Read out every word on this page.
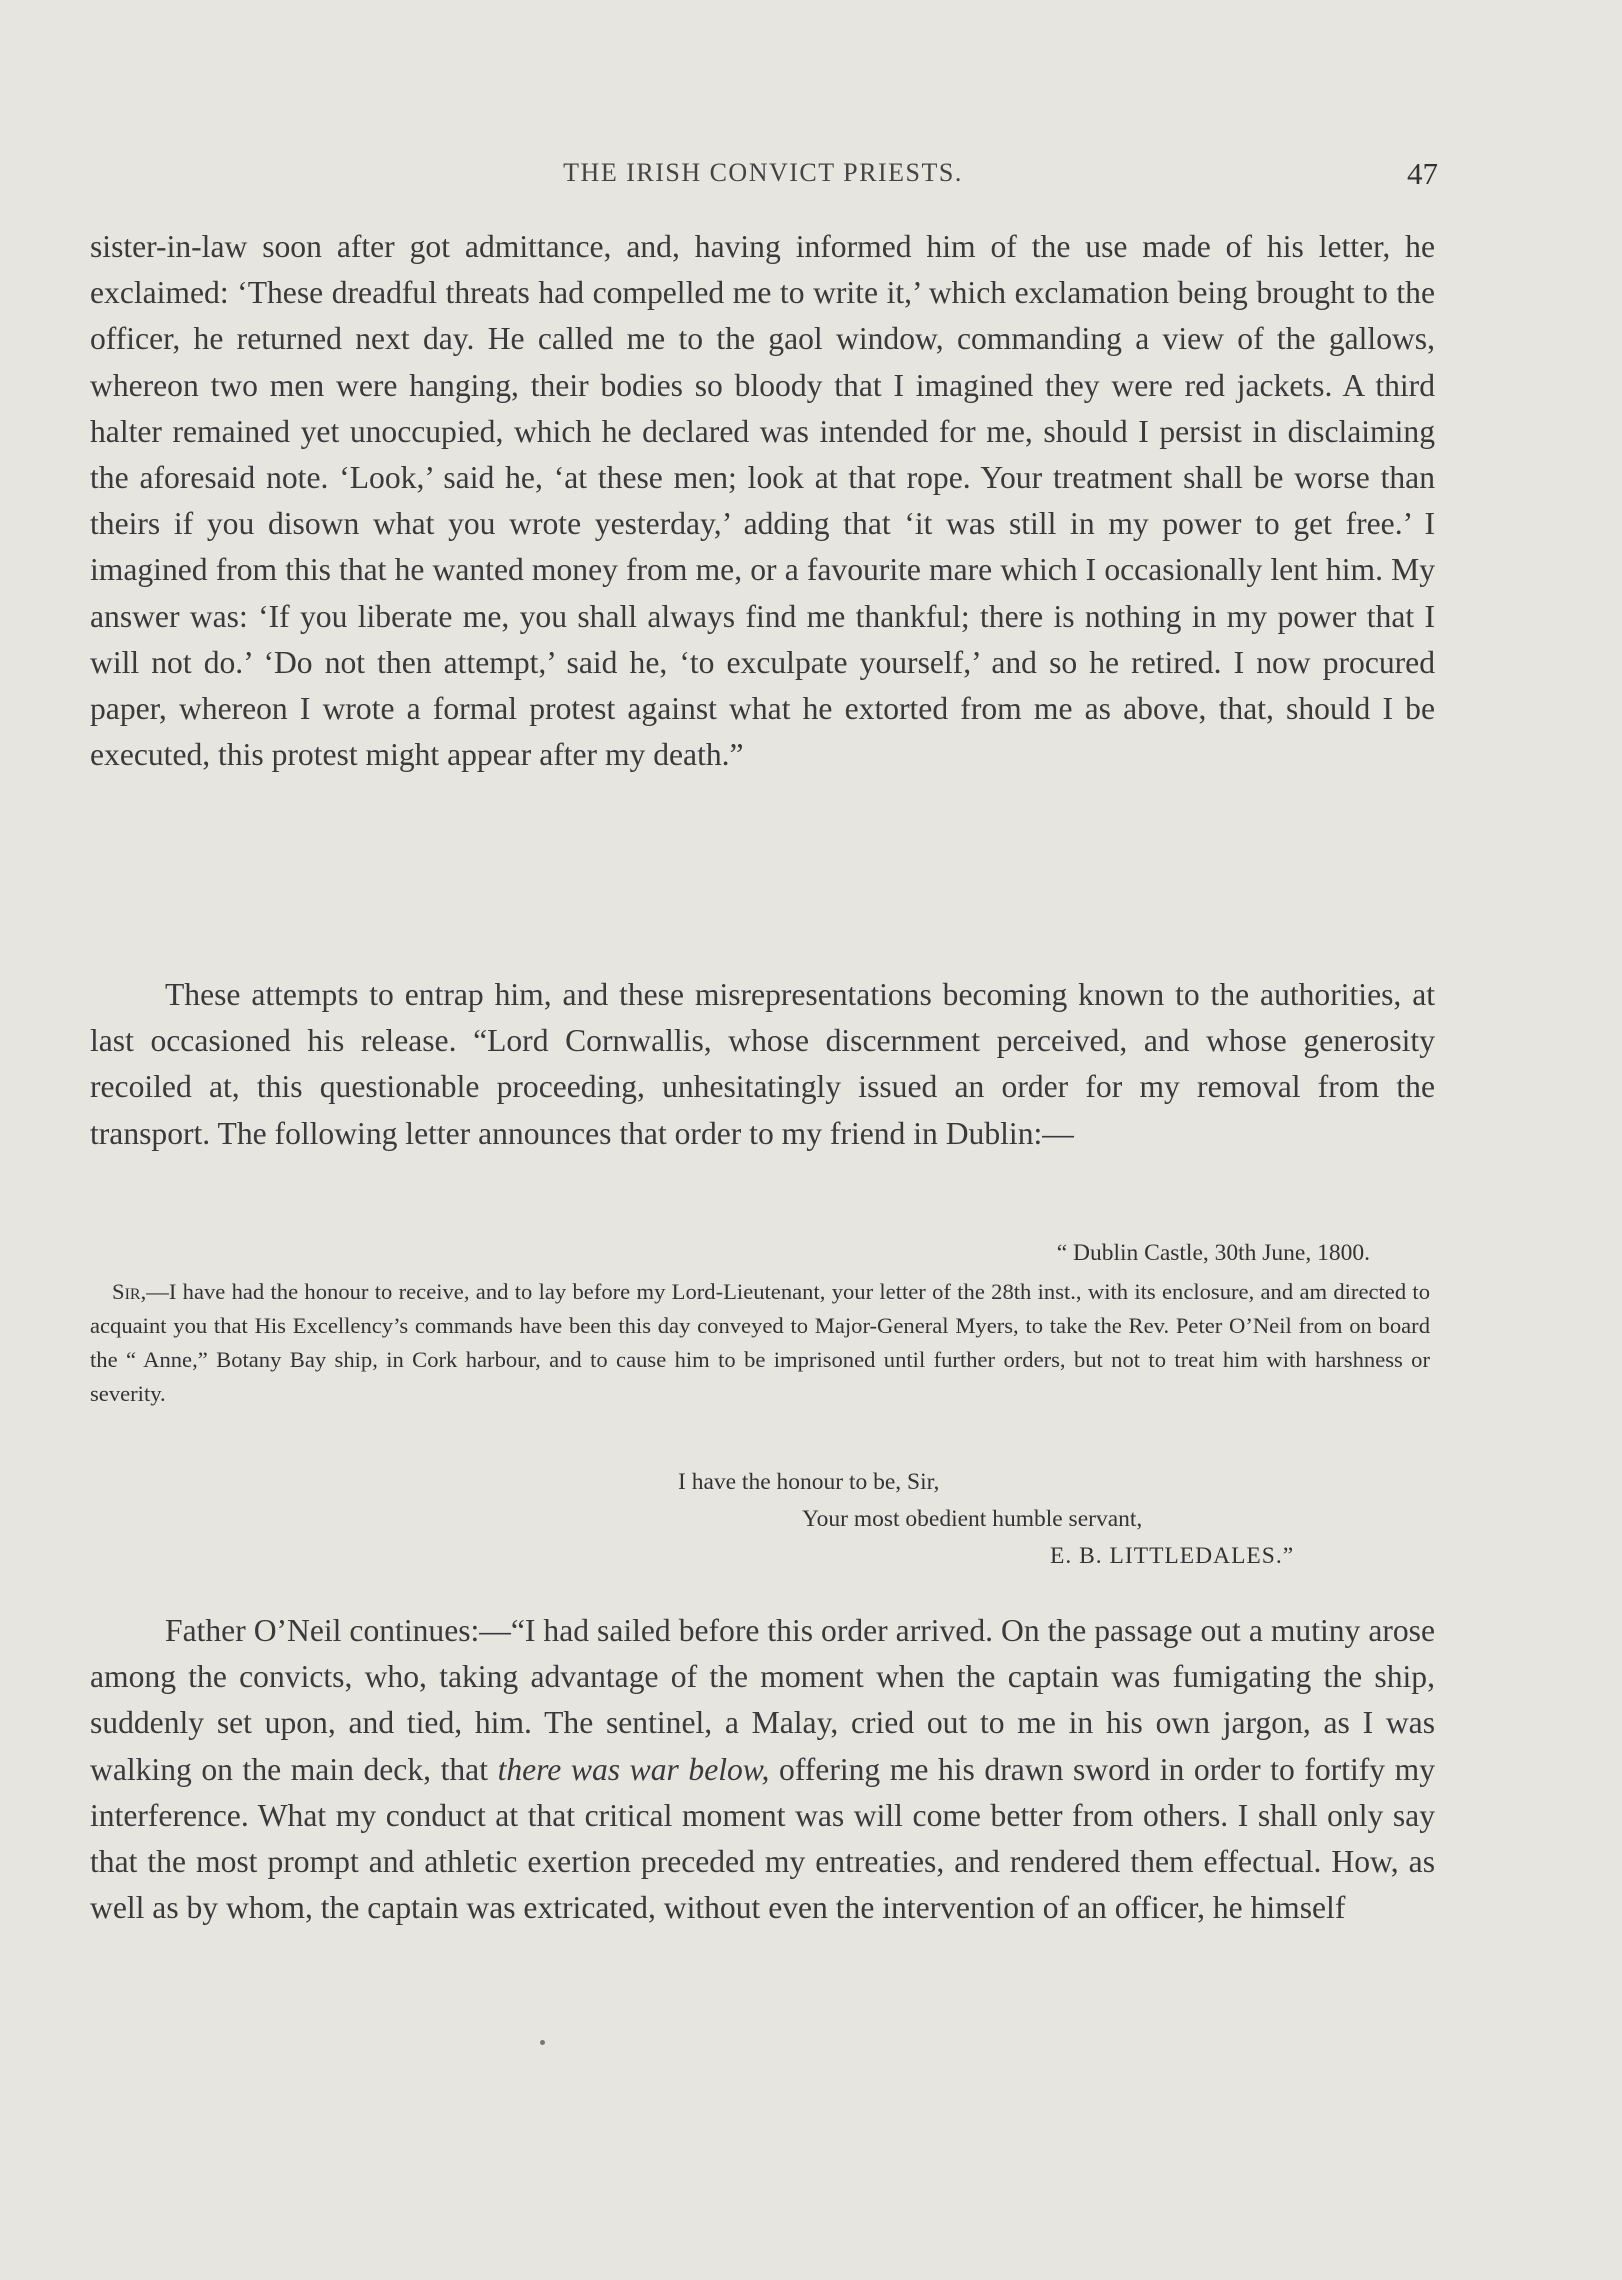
THE IRISH CONVICT PRIESTS.	47

sister-in-law soon after got admittance, and, having informed him of the use made of his letter, he exclaimed: ‘These dreadful threats had compelled me to write it,’ which exclamation being brought to the officer, he returned next day. He called me to the gaol window, commanding a view of the gallows, whereon two men were hanging, their bodies so bloody that I imagined they were red jackets. A third halter remained yet unoccupied, which he declared was intended for me, should I persist in disclaiming the aforesaid note. ‘Look,’ said he, ‘at these men; look at that rope. Your treatment shall be worse than theirs if you disown what you wrote yesterday,’ adding that ‘it was still in my power to get free.’ I imagined from this that he wanted money from me, or a favourite mare which I occasionally lent him. My answer was: ‘If you liberate me, you shall always find me thankful; there is nothing in my power that I will not do.’ ‘Do not then attempt,’ said he, ‘to exculpate yourself,’ and so he retired. I now procured paper, whereon I wrote a formal protest against what he extorted from me as above, that, should I be executed, this protest might appear after my death.”

These attempts to entrap him, and these misrepresentations becoming known to the authorities, at last occasioned his release. “Lord Cornwallis, whose discernment perceived, and whose generosity recoiled at, this questionable proceeding, unhesitatingly issued an order for my removal from the transport. The following letter announces that order to my friend in Dublin:—

“ Dublin Castle, 30th June, 1800.

Sir,—I have had the honour to receive, and to lay before my Lord-Lieutenant, your letter of the 28th inst., with its enclosure, and am directed to acquaint you that His Excellency’s commands have been this day conveyed to Major-General Myers, to take the Rev. Peter O’Neil from on board the “ Anne,” Botany Bay ship, in Cork harbour, and to cause him to be imprisoned until further orders, but not to treat him with harshness or severity.

I have the honour to be, Sir,
Your most obedient humble servant,
E. B. LITTLEDALES.”

Father O’Neil continues:—“I had sailed before this order arrived. On the passage out a mutiny arose among the convicts, who, taking advantage of the moment when the captain was fumigating the ship, suddenly set upon, and tied, him. The sentinel, a Malay, cried out to me in his own jargon, as I was walking on the main deck, that there was war below, offering me his drawn sword in order to fortify my interference. What my conduct at that critical moment was will come better from others. I shall only say that the most prompt and athletic exertion preceded my entreaties, and rendered them effectual. How, as well as by whom, the captain was extricated, without even the intervention of an officer, he himself
